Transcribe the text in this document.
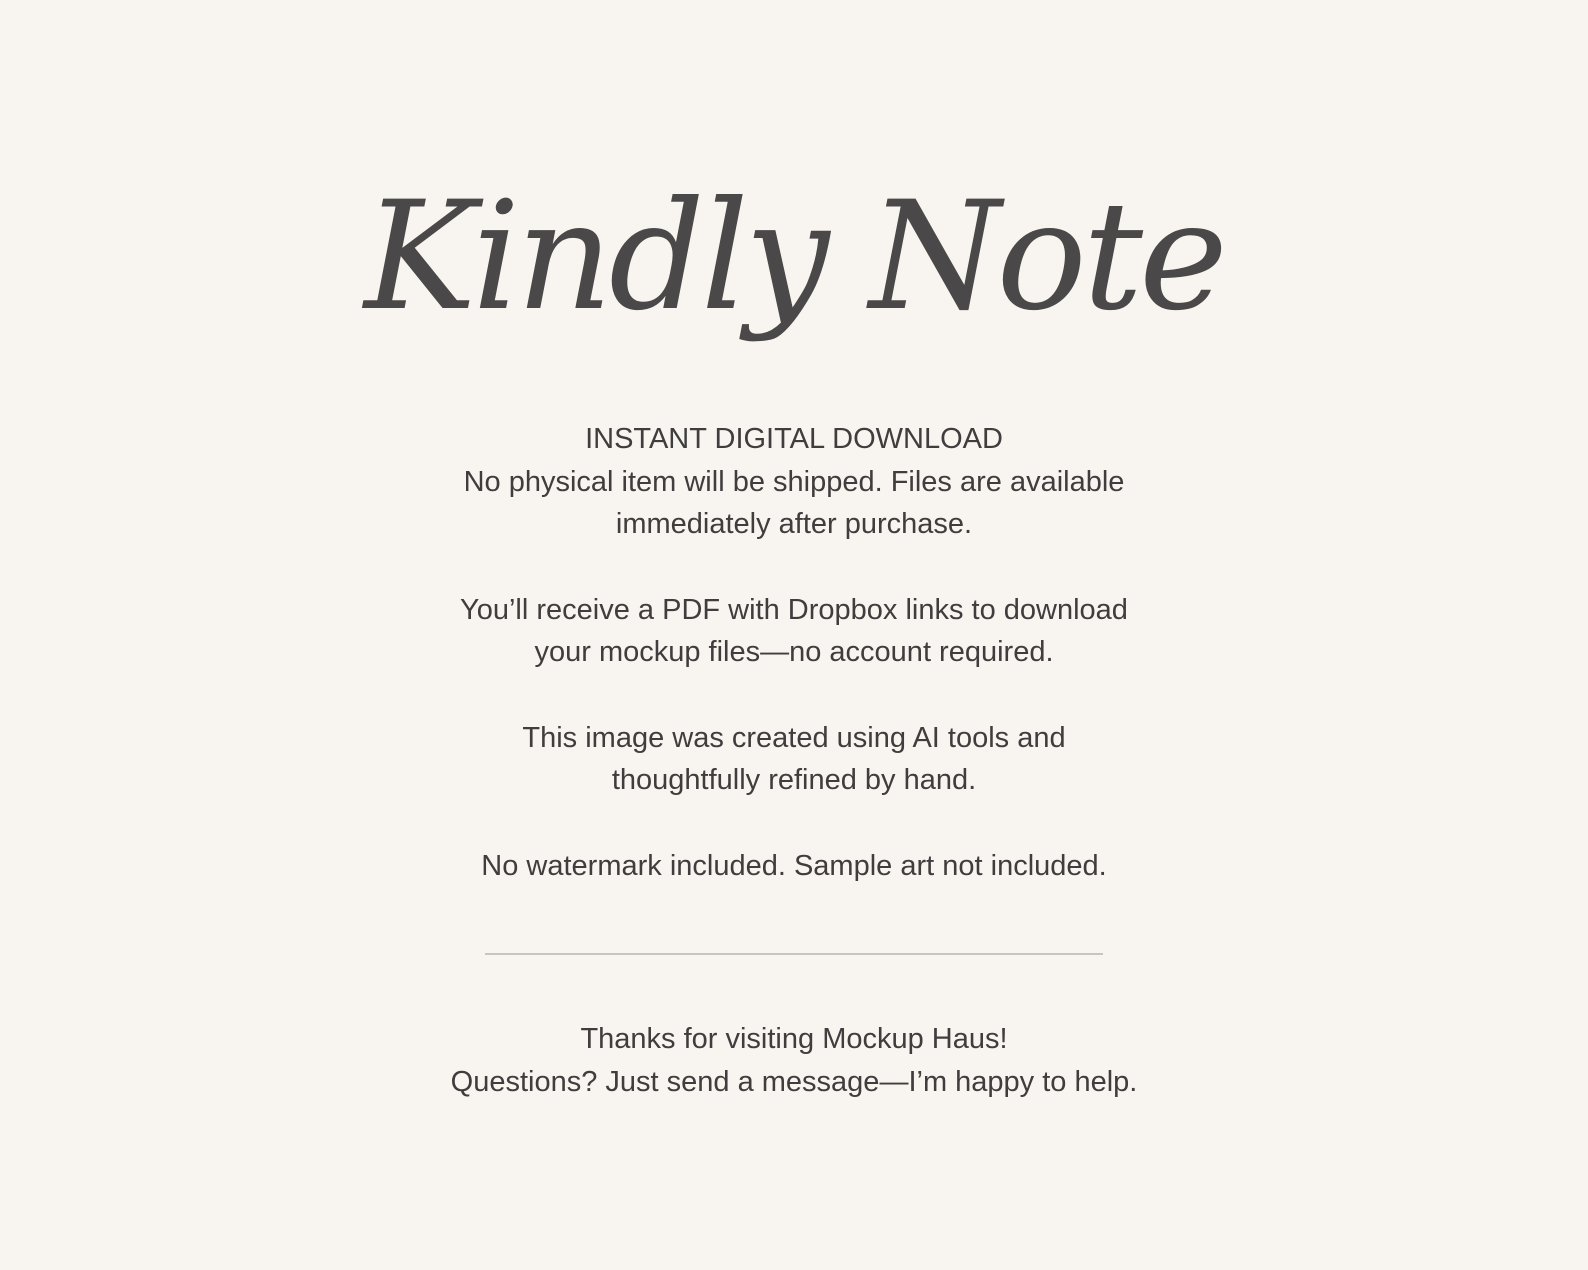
Kindly Note

INSTANT DIGITAL DOWNLOAD

No physical item will be shipped. Files are available

immediately after purchase.

You’ll receive a PDF with Dropbox links to download

your mockup files—no account required.

This image was created using AI tools and

thoughtfully refined by hand.

No watermark included. Sample art not included.

Thanks for visiting Mockup Haus!

Questions? Just send a message—I’m happy to help.
